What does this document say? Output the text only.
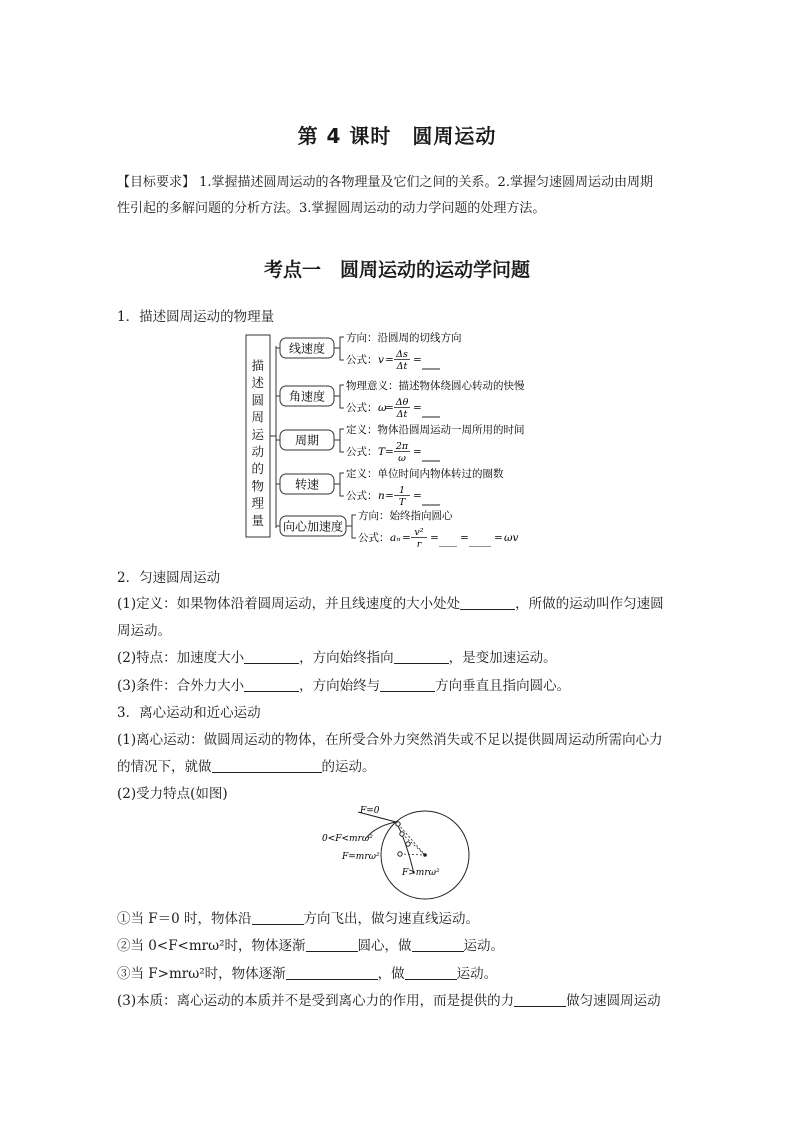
第 4 课时　圆周运动
【目标要求】 1.掌握描述圆周运动的各物理量及它们之间的关系。2.掌握匀速圆周运动由周期
性引起的多解问题的分析方法。3.掌握圆周运动的动力学问题的处理方法。
考点一　圆周运动的运动学问题
1．描述圆周运动的物理量
描
述
圆
周
运
动
的
物
理
量
线速度
方向：沿圆周的切线方向
公式： v = Δs
Δt
=
角速度
物理意义：描述物体绕圆心转动的快慢
公式： ω
= Δθ
Δt
=
周期
定义：物体沿圆周运动一周所用的时间
公式： T = 2π
ω
=
转速
定义：单位时间内物体转过的圈数
公式： n = 1
T
=
向心加速度
方向：始终指向圆心
公式： aₙ = v²
r
= = = ωv
2．匀速圆周运动
(1)定义：如果物体沿着圆周运动，并且线速度的大小处处	，所做的运动叫作匀速圆
周运动。
(2)特点：加速度大小	，方向始终指向	，是变加速运动。
(3)条件：合外力大小	，方向始终与	方向垂直且指向圆心。
3．离心运动和近心运动
(1)离心运动：做圆周运动的物体，在所受合外力突然消失或不足以提供圆周运动所需向心力
的情况下，就做	的运动。
(2)受力特点(如图)
F=0
0<F<mrω²
F=mrω²
F>mrω²
①当 F＝0 时，物体沿	方向飞出，做匀速直线运动。
②当 0<F<mrω²时，物体逐渐	圆心，做	运动。
③当 F>mrω²时，物体逐渐	，做	运动。
(3)本质：离心运动的本质并不是受到离心力的作用，而是提供的力	做匀速圆周运动
